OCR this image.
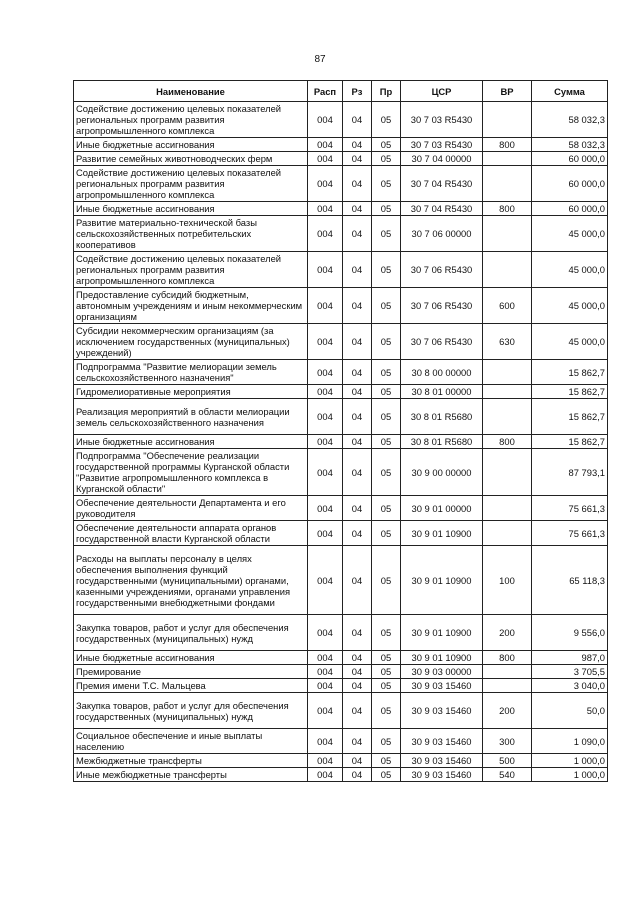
87
Наименование	Расп	Рз	Пр	ЦСР	ВР	Сумма
Содействие достижению целевых показателей региональных программ развития агропромышленного комплекса	004	04	05	30 7 03 R5430		58 032,3
Иные бюджетные ассигнования	004	04	05	30 7 03 R5430	800	58 032,3
Развитие семейных животноводческих ферм	004	04	05	30 7 04 00000		60 000,0
Содействие достижению целевых показателей региональных программ развития агропромышленного комплекса	004	04	05	30 7 04 R5430		60 000,0
Иные бюджетные ассигнования	004	04	05	30 7 04 R5430	800	60 000,0
Развитие материально-технической базы сельскохозяйственных потребительских кооперативов	004	04	05	30 7 06 00000		45 000,0
Содействие достижению целевых показателей региональных программ развития агропромышленного комплекса	004	04	05	30 7 06 R5430		45 000,0
Предоставление субсидий бюджетным, автономным учреждениям и иным некоммерческим организациям	004	04	05	30 7 06 R5430	600	45 000,0
Субсидии некоммерческим организациям (за исключением государственных (муниципальных) учреждений)	004	04	05	30 7 06 R5430	630	45 000,0
Подпрограмма "Развитие мелиорации земель сельскохозяйственного назначения"	004	04	05	30 8 00 00000		15 862,7
Гидромелиоративные мероприятия	004	04	05	30 8 01 00000		15 862,7
Реализация мероприятий в области мелиорации земель сельскохозяйственного назначения	004	04	05	30 8 01 R5680		15 862,7
Иные бюджетные ассигнования	004	04	05	30 8 01 R5680	800	15 862,7
Подпрограмма "Обеспечение реализации государственной программы Курганской области "Развитие агропромышленного комплекса в Курганской области"	004	04	05	30 9 00 00000		87 793,1
Обеспечение деятельности Департамента и его руководителя	004	04	05	30 9 01 00000		75 661,3
Обеспечение деятельности аппарата органов государственной власти Курганской области	004	04	05	30 9 01 10900		75 661,3
Расходы на выплаты персоналу в целях обеспечения выполнения функций государственными (муниципальными) органами, казенными учреждениями, органами управления государственными внебюджетными фондами	004	04	05	30 9 01 10900	100	65 118,3
Закупка товаров, работ и услуг для обеспечения государственных (муниципальных) нужд	004	04	05	30 9 01 10900	200	9 556,0
Иные бюджетные ассигнования	004	04	05	30 9 01 10900	800	987,0
Премирование	004	04	05	30 9 03 00000		3 705,5
Премия имени Т.С. Мальцева	004	04	05	30 9 03 15460		3 040,0
Закупка товаров, работ и услуг для обеспечения государственных (муниципальных) нужд	004	04	05	30 9 03 15460	200	50,0
Социальное обеспечение и иные выплаты населению	004	04	05	30 9 03 15460	300	1 090,0
Межбюджетные трансферты	004	04	05	30 9 03 15460	500	1 000,0
Иные межбюджетные трансферты	004	04	05	30 9 03 15460	540	1 000,0
